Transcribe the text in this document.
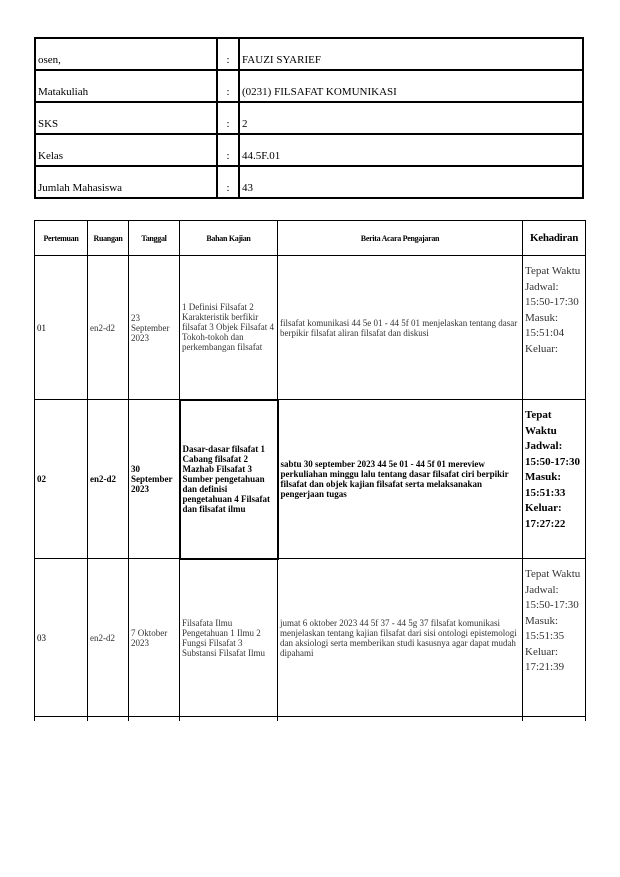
osen,	:	FAUZI SYARIEF
Matakuliah	:	(0231) FILSAFAT KOMUNIKASI
SKS	:	2
Kelas	:	44.5F.01
Jumlah Mahasiswa	:	43
Pertemuan	Ruangan	Tanggal	Bahan Kajian	Berita Acara Pengajaran	Kehadiran
01	en2-d2	23 September 2023	1 Definisi Filsafat 2 Karakteristik berfikir filsafat 3 Objek Filsafat 4 Tokoh-tokoh dan perkembangan filsafat	filsafat komunikasi 44 5e 01 - 44 5f 01 menjelaskan tentang dasar berpikir filsafat aliran filsafat dan diskusi	Tepat Waktu Jadwal: 15:50-17:30 Masuk: 15:51:04 Keluar:
02	en2-d2	30 September 2023	Dasar-dasar filsafat 1 Cabang filsafat 2 Mazhab Filsafat 3 Sumber pengetahuan dan definisi pengetahuan 4 Filsafat dan filsafat ilmu	sabtu 30 september 2023 44 5e 01 - 44 5f 01 mereview perkuliahan minggu lalu tentang dasar filsafat ciri berpikir filsafat dan objek kajian filsafat serta melaksanakan pengerjaan tugas	Tepat Waktu Jadwal: 15:50-17:30 Masuk: 15:51:33 Keluar: 17:27:22
03	en2-d2	7 Oktober 2023	Filsafata Ilmu Pengetahuan 1 Ilmu 2 Fungsi Filsafat 3 Substansi Filsafat Ilmu	jumat 6 oktober 2023 44 5f 37 - 44 5g 37 filsafat komunikasi menjelaskan tentang kajian filsafat dari sisi ontologi epistemologi dan aksiologi serta memberikan studi kasusnya agar dapat mudah dipahami	Tepat Waktu Jadwal: 15:50-17:30 Masuk: 15:51:35 Keluar: 17:21:39
